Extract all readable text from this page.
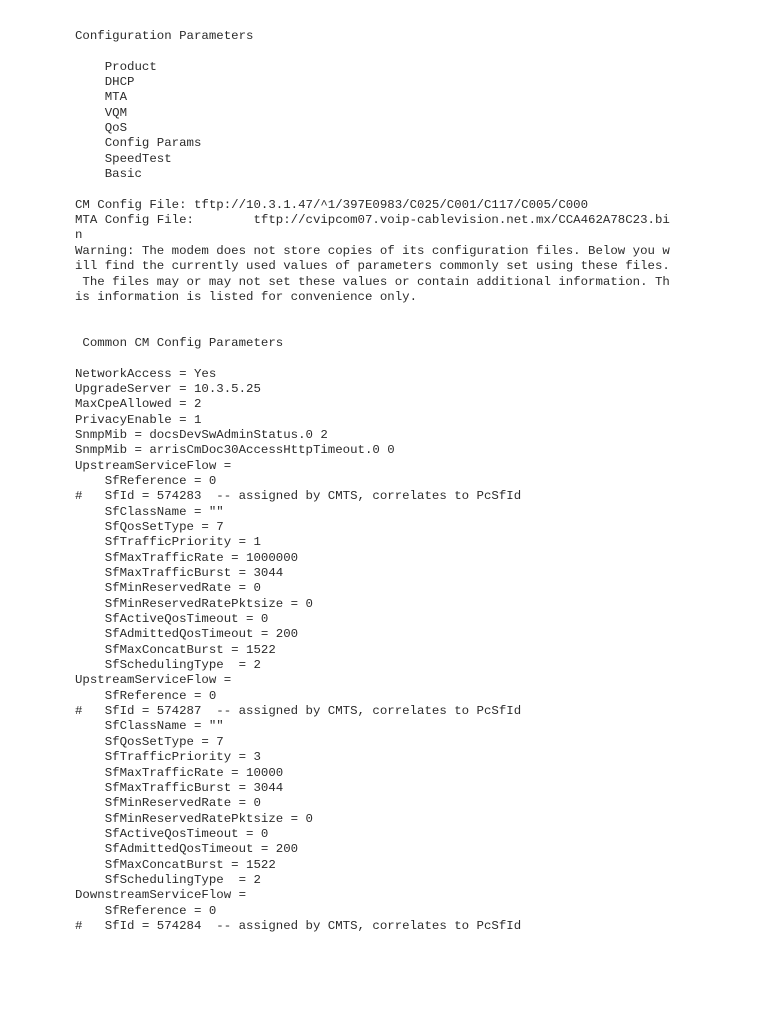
Configuration Parameters
Product
DHCP
MTA
VQM
QoS
Config Params
SpeedTest
Basic
CM Config File: tftp://10.3.1.47/^1/397E0983/C025/C001/C117/C005/C000
MTA Config File:        tftp://cvipcom07.voip-cablevision.net.mx/CCA462A78C23.bi
n
Warning: The modem does not store copies of its configuration files. Below you w
ill find the currently used values of parameters commonly set using these files.
The files may or may not set these values or contain additional information. Th
is information is listed for convenience only.
Common CM Config Parameters
NetworkAccess = Yes
UpgradeServer = 10.3.5.25
MaxCpeAllowed = 2
PrivacyEnable = 1
SnmpMib = docsDevSwAdminStatus.0 2
SnmpMib = arrisCmDoc30AccessHttpTimeout.0 0
UpstreamServiceFlow =
SfReference = 0
#   SfId = 574283  -- assigned by CMTS, correlates to PcSfId
SfClassName = ""
SfQosSetType = 7
SfTrafficPriority = 1
SfMaxTrafficRate = 1000000
SfMaxTrafficBurst = 3044
SfMinReservedRate = 0
SfMinReservedRatePktsize = 0
SfActiveQosTimeout = 0
SfAdmittedQosTimeout = 200
SfMaxConcatBurst = 1522
SfSchedulingType  = 2
UpstreamServiceFlow =
SfReference = 0
#   SfId = 574287  -- assigned by CMTS, correlates to PcSfId
SfClassName = ""
SfQosSetType = 7
SfTrafficPriority = 3
SfMaxTrafficRate = 10000
SfMaxTrafficBurst = 3044
SfMinReservedRate = 0
SfMinReservedRatePktsize = 0
SfActiveQosTimeout = 0
SfAdmittedQosTimeout = 200
SfMaxConcatBurst = 1522
SfSchedulingType  = 2
DownstreamServiceFlow =
SfReference = 0
#   SfId = 574284  -- assigned by CMTS, correlates to PcSfId
